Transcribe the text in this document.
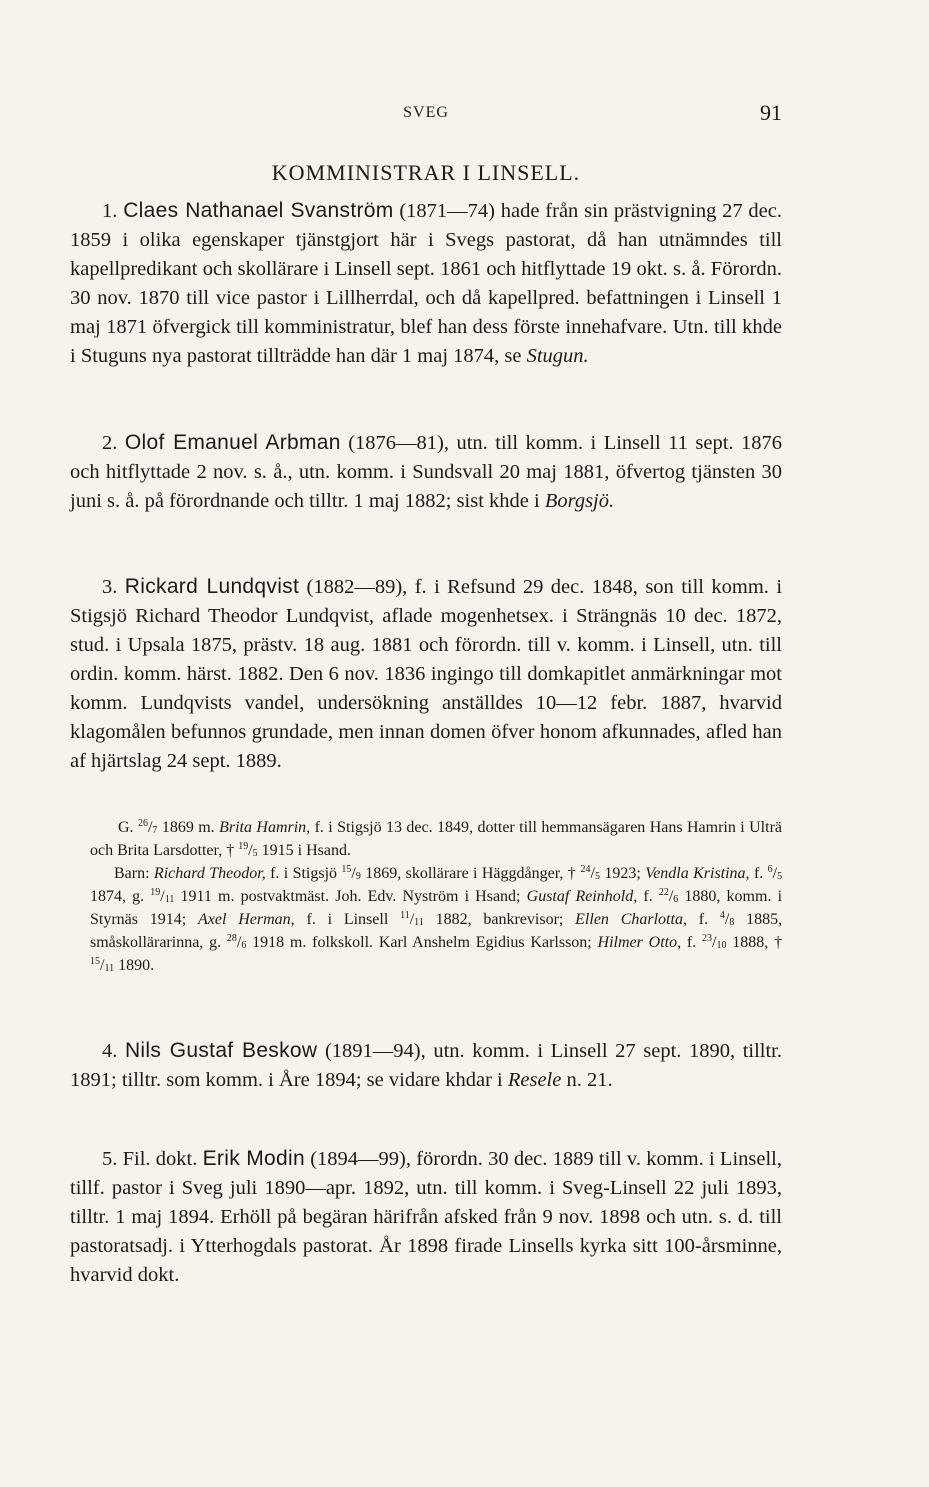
SVEG	91
KOMMINISTRAR I LINSELL.

1. Claes Nathanael Svanström (1871—74) hade från sin prästvigning 27 dec. 1859 i olika egenskaper tjänstgjort här i Svegs pastorat, då han utnämndes till kapellpredikant och skollärare i Linsell sept. 1861 och hitflyttade 19 okt. s. å. Förordn. 30 nov. 1870 till vice pastor i Lillherrdal, och då kapellpred. befattningen i Linsell 1 maj 1871 öfvergick till komministratur, blef han dess förste innehafvare. Utn. till khde i Stuguns nya pastorat tillträdde han där 1 maj 1874, se Stugun.

2. Olof Emanuel Arbman (1876—81), utn. till komm. i Linsell 11 sept. 1876 och hitflyttade 2 nov. s. å., utn. komm. i Sundsvall 20 maj 1881, öfvertog tjänsten 30 juni s. å. på förordnande och tilltr. 1 maj 1882; sist khde i Borgsjö.

3. Rickard Lundqvist (1882—89), f. i Refsund 29 dec. 1848, son till komm. i Stigsjö Richard Theodor Lundqvist, aflade mogenhetsex. i Strängnäs 10 dec. 1872, stud. i Upsala 1875, prästv. 18 aug. 1881 och förordn. till v. komm. i Linsell, utn. till ordin. komm. härst. 1882. Den 6 nov. 1836 ingingo till domkapitlet anmärkningar mot komm. Lundqvists vandel, undersökning anställdes 10—12 febr. 1887, hvarvid klagomålen befunnos grundade, men innan domen öfver honom afkunnades, afled han af hjärtslag 24 sept. 1889.

G. $^{26}/_7$ 1869 m. Brita Hamrin, f. i Stigsjö 13 dec. 1849, dotter till hemmansägaren Hans Hamrin i Ulträ och Brita Larsdotter, † $^{19}/_5$ 1915 i Hsand.

Barn: Richard Theodor, f. i Stigsjö $^{15}/_9$ 1869, skollärare i Häggdånger, † $^{24}/_5$ 1923; Vendla Kristina, f. $^6/_5$ 1874, g. $^{19}/_{11}$ 1911 m. postvaktmäst. Joh. Edv. Nyström i Hsand; Gustaf Reinhold, f. $^{22}/_6$ 1880, komm. i Styrnäs 1914; Axel Herman, f. i Linsell $^{11}/_{11}$ 1882, bankrevisor; Ellen Charlotta, f. $^4/_8$ 1885, småskollärarinna, g. $^{28}/_6$ 1918 m. folkskoll. Karl Anshelm Egidius Karlsson; Hilmer Otto, f. $^{23}/_{10}$ 1888, † $^{15}/_{11}$ 1890.

4. Nils Gustaf Beskow (1891—94), utn. komm. i Linsell 27 sept. 1890, tilltr. 1891; tilltr. som komm. i Åre 1894; se vidare khdar i Resele n. 21.

5. Fil. dokt. Erik Modin (1894—99), förordn. 30 dec. 1889 till v. komm. i Linsell, tillf. pastor i Sveg juli 1890—apr. 1892, utn. till komm. i Sveg-Linsell 22 juli 1893, tilltr. 1 maj 1894. Erhöll på begäran härifrån afsked från 9 nov. 1898 och utn. s. d. till pastoratsadj. i Ytterhogdals pastorat. År 1898 firade Linsells kyrka sitt 100-årsminne, hvarvid dokt.
